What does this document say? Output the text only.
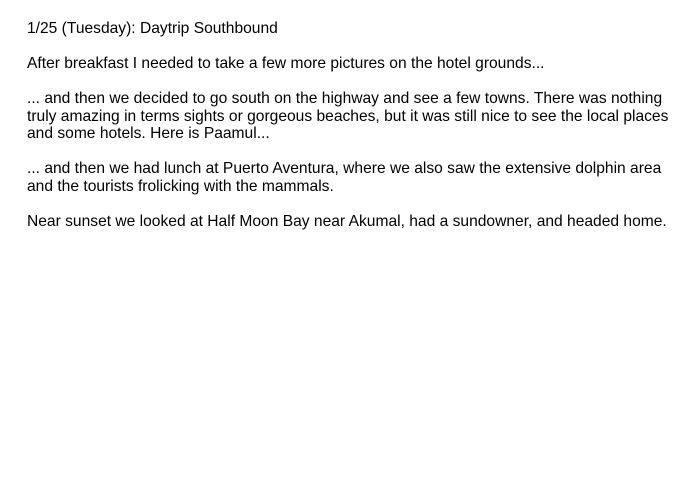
1/25 (Tuesday): Daytrip Southbound

After breakfast I needed to take a few more pictures on the hotel grounds...

... and then we decided to go south on the highway and see a few towns. There was nothing truly amazing in terms sights or gorgeous beaches, but it was still nice to see the local places and some hotels. Here is Paamul...

... and then we had lunch at Puerto Aventura, where we also saw the extensive dolphin area and the tourists frolicking with the mammals.

Near sunset we looked at Half Moon Bay near Akumal, had a sundowner, and headed home.
